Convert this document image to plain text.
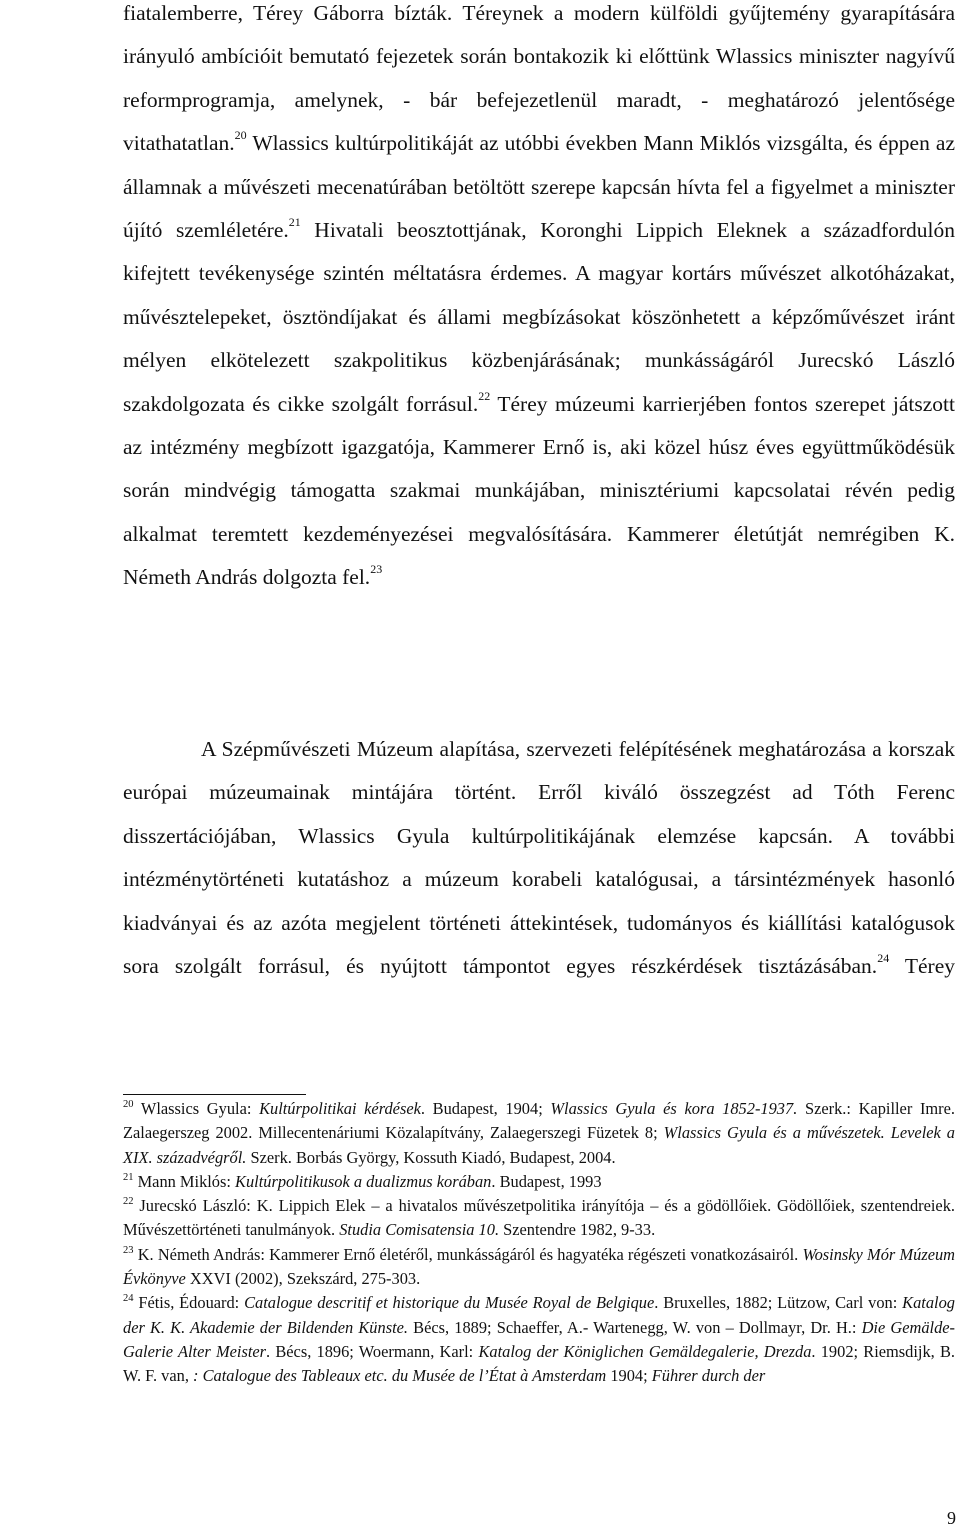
fiatalemberre, Térey Gáborra bízták. Téreynek a modern külföldi gyűjtemény gyarapítására irányuló ambícióit bemutató fejezetek során bontakozik ki előttünk Wlassics miniszter nagyívű reformprogramja, amelynek, - bár befejezetlenül maradt, - meghatározó jelentősége vitathatatlan.$^{20}$ Wlassics kultúrpolitikáját az utóbbi években Mann Miklós vizsgálta, és éppen az államnak a művészeti mecenatúrában betöltött szerepe kapcsán hívta fel a figyelmet a miniszter újító szemléletére.$^{21}$ Hivatali beosztottjának, Koronghi Lippich Eleknek a századfordulón kifejtett tevékenysége szintén méltatásra érdemes. A magyar kortárs művészet alkotóházakat, művésztelepeket, ösztöndíjakat és állami megbízásokat köszönhetett a képzőművészet iránt mélyen elkötelezett szakpolitikus közbenjárásának; munkásságáról Jurecskó László szakdolgozata és cikke szolgált forrásul.$^{22}$ Térey múzeumi karrierjében fontos szerepet játszott az intézmény megbízott igazgatója, Kammerer Ernő is, aki közel húsz éves együttműködésük során mindvégig támogatta szakmai munkájában, minisztériumi kapcsolatai révén pedig alkalmat teremtett kezdeményezései megvalósítására. Kammerer életútját nemrégiben K. Németh András dolgozta fel.$^{23}$

A Szépművészeti Múzeum alapítása, szervezeti felépítésének meghatározása a korszak európai múzeumainak mintájára történt. Erről kiváló összegzést ad Tóth Ferenc disszertációjában, Wlassics Gyula kultúrpolitikájának elemzése kapcsán. A további intézménytörténeti kutatáshoz a múzeum korabeli katalógusai, a társintézmények hasonló kiadványai és az azóta megjelent történeti áttekintések, tudományos és kiállítási katalógusok sora szolgált forrásul, és nyújtott támpontot egyes részkérdések tisztázásában.$^{24}$ Térey

$^{20}$ Wlassics Gyula: Kultúrpolitikai kérdések. Budapest, 1904; Wlassics Gyula és kora 1852-1937. Szerk.: Kapiller Imre. Zalaegerszeg 2002. Millecentenáriumi Közalapítvány, Zalaegerszegi Füzetek 8; Wlassics Gyula és a művészetek. Levelek a XIX. századvégről. Szerk. Borbás György, Kossuth Kiadó, Budapest, 2004.

$^{21}$ Mann Miklós: Kultúrpolitikusok a dualizmus korában. Budapest, 1993

$^{22}$ Jurecskó László: K. Lippich Elek – a hivatalos művészetpolitika irányítója – és a gödöllőiek. Gödöllőiek, szentendreiek. Művészettörténeti tanulmányok. Studia Comisatensia 10. Szentendre 1982, 9-33.

$^{23}$ K. Németh András: Kammerer Ernő életéről, munkásságáról és hagyatéka régészeti vonatkozásairól. Wosinsky Mór Múzeum Évkönyve XXVI (2002), Szekszárd, 275-303.

$^{24}$ Fétis, Édouard: Catalogue descritif et historique du Musée Royal de Belgique. Bruxelles, 1882; Lützow, Carl von: Katalog der K. K. Akademie der Bildenden Künste. Bécs, 1889; Schaeffer, A.- Wartenegg, W. von – Dollmayr, Dr. H.: Die Gemälde-Galerie Alter Meister. Bécs, 1896; Woermann, Karl: Katalog der Königlichen Gemäldegalerie, Drezda. 1902; Riemsdijk, B. W. F. van, : Catalogue des Tableaux etc. du Musée de l’État à Amsterdam 1904; Führer durch der

9
